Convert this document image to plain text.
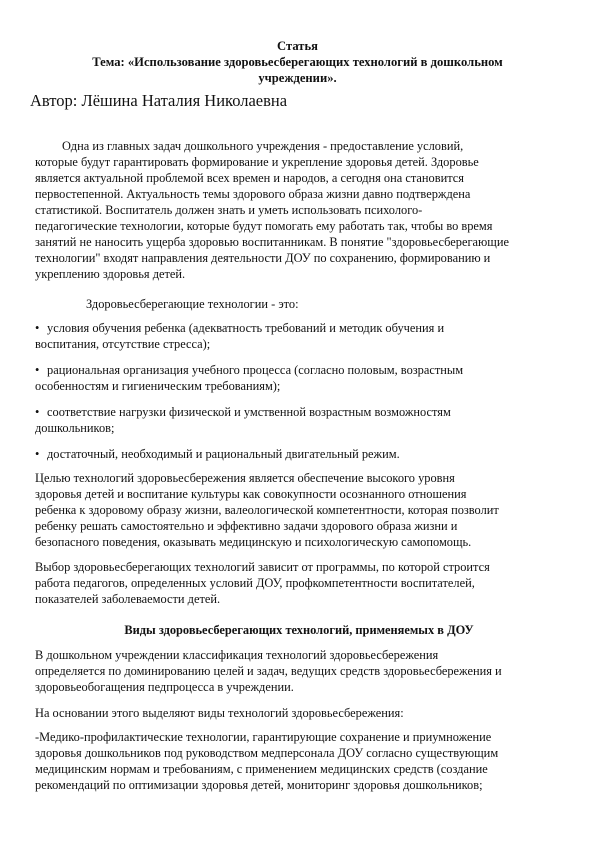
Статья
Тема: «Использование здоровьесберегающих технологий в дошкольном
учреждении».
Автор: Лёшина Наталия Николаевна
Одна из главных задач дошкольного учреждения - предоставление условий,
которые будут гарантировать формирование и укрепление здоровья детей. Здоровье
является актуальной проблемой всех времен и народов, а сегодня она становится
первостепенной. Актуальность темы здорового образа жизни давно подтверждена
статистикой. Воспитатель должен знать и уметь использовать психолого-
педагогические технологии, которые будут помогать ему работать так, чтобы во время
занятий не наносить ущерба здоровью воспитанникам. В понятие "здоровьесберегающие
технологии" входят направления деятельности ДОУ по сохранению, формированию и
укреплению здоровья детей.
Здоровьесберегающие технологии - это:
• условия обучения ребенка (адекватность требований и методик обучения и
воспитания, отсутствие стресса);
• рациональная организация учебного процесса (согласно половым, возрастным
особенностям и гигиеническим требованиям);
• соответствие нагрузки физической и умственной возрастным возможностям
дошкольников;
• достаточный, необходимый и рациональный двигательный режим.
Целью технологий здоровьесбережения является обеспечение высокого уровня
здоровья детей и воспитание культуры как совокупности осознанного отношения
ребенка к здоровому образу жизни, валеологической компетентности, которая позволит
ребенку решать самостоятельно и эффективно задачи здорового образа жизни и
безопасного поведения, оказывать медицинскую и психологическую самопомощь.
Выбор здоровьесберегающих технологий зависит от программы, по которой строится
работа педагогов, определенных условий ДОУ, профкомпетентности воспитателей,
показателей заболеваемости детей.
Виды здоровьесберегающих технологий, применяемых в ДОУ
В дошкольном учреждении классификация технологий здоровьесбережения
определяется по доминированию целей и задач, ведущих средств здоровьесбережения и
здоровьеобогащения педпроцесса в учреждении.
На основании этого выделяют виды технологий здоровьесбережения:
-Медико-профилактические технологии, гарантирующие сохранение и приумножение
здоровья дошкольников под руководством медперсонала ДОУ согласно существующим
медицинским нормам и требованиям, с применением медицинских средств (создание
рекомендаций по оптимизации здоровья детей, мониторинг здоровья дошкольников;
